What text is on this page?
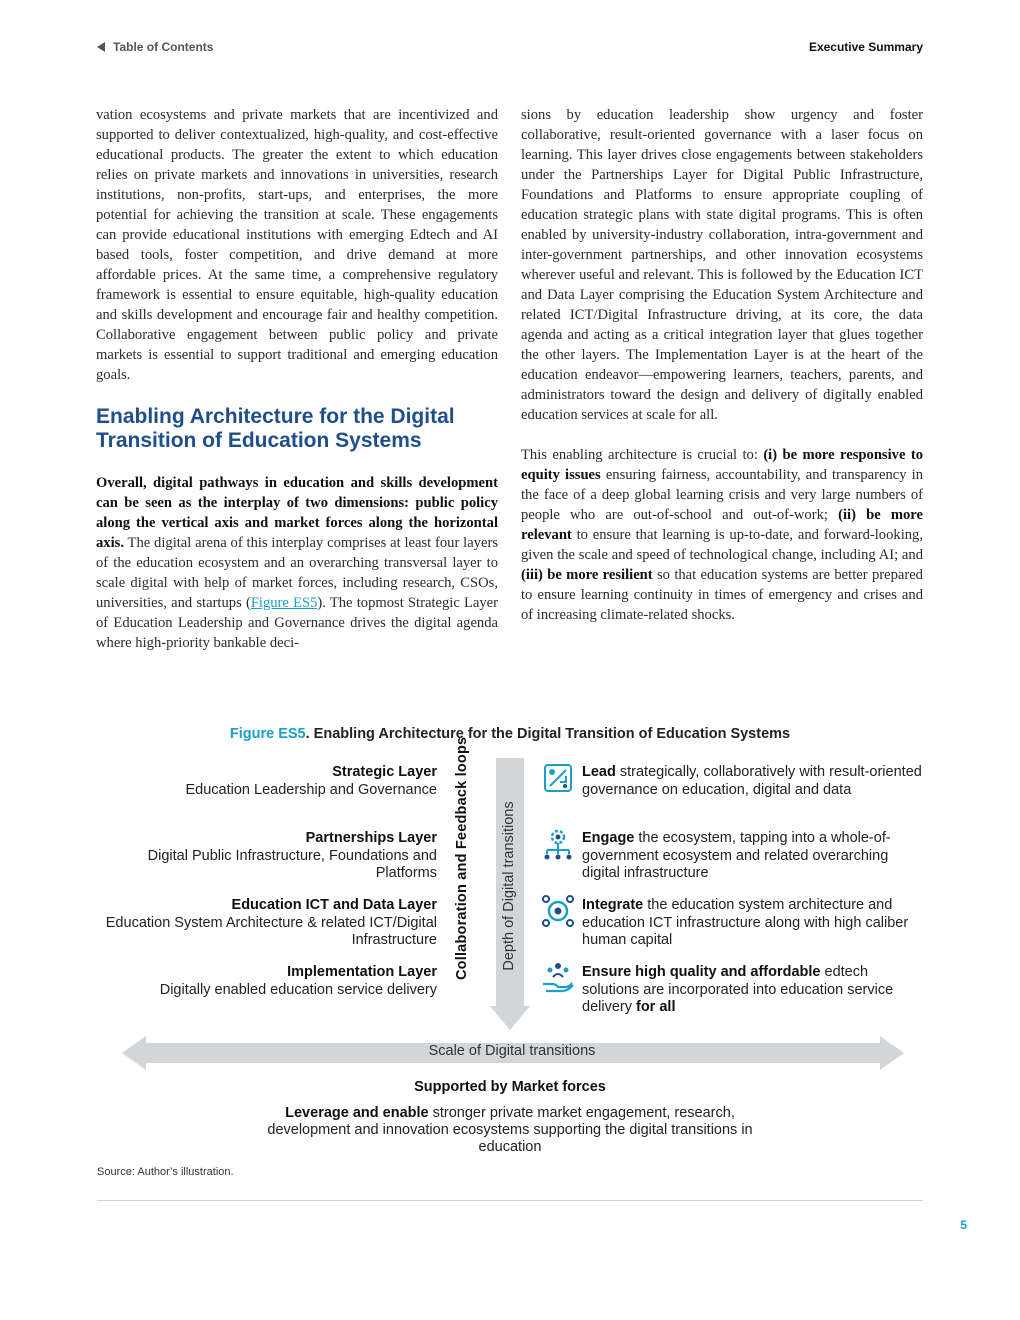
Table of Contents	Executive Summary

vation ecosystems and private markets that are incentivized and supported to deliver contextualized, high-quality, and cost-effective educational products. The greater the extent to which education relies on private markets and innovations in universities, research institutions, non-profits, start-ups, and enterprises, the more potential for achieving the transition at scale. These engagements can provide educational institutions with emerging Edtech and AI based tools, foster competition, and drive demand at more affordable prices. At the same time, a comprehensive regulatory framework is essential to ensure equitable, high-quality education and skills development and encourage fair and healthy competition. Collaborative engagement between public policy and private markets is essential to support traditional and emerging education goals.

Enabling Architecture for the Digital Transition of Education Systems

Overall, digital pathways in education and skills development can be seen as the interplay of two dimensions: public policy along the vertical axis and market forces along the horizontal axis. The digital arena of this interplay comprises at least four layers of the education ecosystem and an overarching transversal layer to scale digital with help of market forces, including research, CSOs, universities, and startups (Figure ES5). The topmost Strategic Layer of Education Leadership and Governance drives the digital agenda where high-priority bankable deci-

sions by education leadership show urgency and foster collaborative, result-oriented governance with a laser focus on learning. This layer drives close engagements between stakeholders under the Partnerships Layer for Digital Public Infrastructure, Foundations and Platforms to ensure appropriate coupling of education strategic plans with state digital programs. This is often enabled by university-industry collaboration, intra-government and inter-government partnerships, and other innovation ecosystems wherever useful and relevant. This is followed by the Education ICT and Data Layer comprising the Education System Architecture and related ICT/Digital Infrastructure driving, at its core, the data agenda and acting as a critical integration layer that glues together the other layers. The Implementation Layer is at the heart of the education endeavor—empowering learners, teachers, parents, and administrators toward the design and delivery of digitally enabled education services at scale for all.

This enabling architecture is crucial to: (i) be more responsive to equity issues ensuring fairness, accountability, and transparency in the face of a deep global learning crisis and very large numbers of people who are out-of-school and out-of-work; (ii) be more relevant to ensure that learning is up-to-date, and forward-looking, given the scale and speed of technological change, including AI; and (iii) be more resilient so that education systems are better prepared to ensure learning continuity in times of emergency and crises and of increasing climate-related shocks.

Figure ES5. Enabling Architecture for the Digital Transition of Education Systems
Strategic Layer
Education Leadership and Governance
Partnerships Layer
Digital Public Infrastructure, Foundations and Platforms
Education ICT and Data Layer
Education System Architecture & related ICT/Digital Infrastructure
Implementation Layer
Digitally enabled education service delivery
Collaboration and Feedback loops Depth of Digital transitions
Lead strategically, collaboratively with result-oriented governance on education, digital and data
Engage the ecosystem, tapping into a whole-of-government ecosystem and related overarching digital infrastructure
Integrate the education system architecture and education ICT infrastructure along with high caliber human capital
Ensure high quality and affordable edtech solutions are incorporated into education service delivery for all
Scale of Digital transitions
Supported by Market forces
Leverage and enable stronger private market engagement, research, development and innovation ecosystems supporting the digital transitions in education
Source: Author’s illustration.
5
